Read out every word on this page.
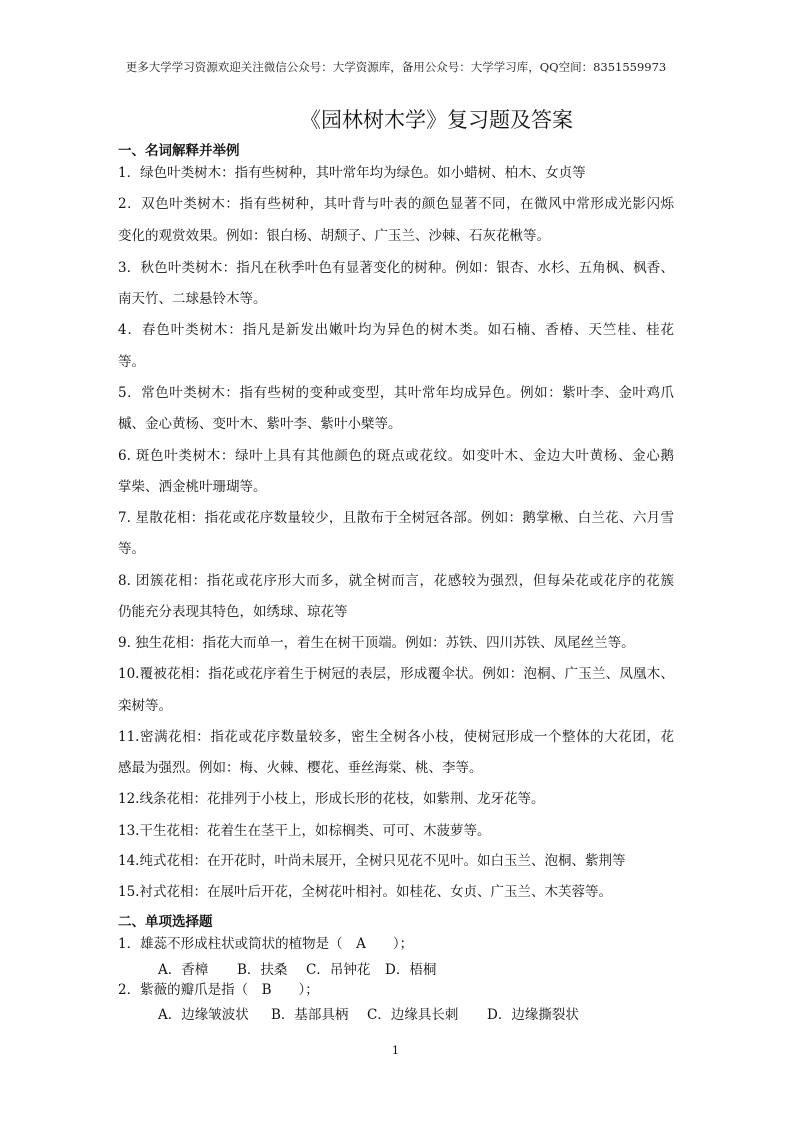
更多大学学习资源欢迎关注微信公众号：大学资源库，备用公众号：大学学习库，QQ空间：8351559973
《园林树木学》复习题及答案
一、名词解释并举例
1．绿色叶类树木：指有些树种，其叶常年均为绿色。如小蜡树、柏木、女贞等
2．双色叶类树木：指有些树种，其叶背与叶表的颜色显著不同，在微风中常形成光影闪烁
变化的观赏效果。例如：银白杨、胡颓子、广玉兰、沙棘、石灰花楸等。
3．秋色叶类树木：指凡在秋季叶色有显著变化的树种。例如：银杏、水杉、五角枫、枫香、
南天竹、二球悬铃木等。
4．春色叶类树木：指凡是新发出嫩叶均为异色的树木类。如石楠、香椿、天竺桂、桂花
等。
5．常色叶类树木：指有些树的变种或变型，其叶常年均成异色。例如：紫叶李、金叶鸡爪
槭、金心黄杨、变叶木、紫叶李、紫叶小檗等。
6. 斑色叶类树木：绿叶上具有其他颜色的斑点或花纹。如变叶木、金边大叶黄杨、金心鹅
掌柴、洒金桃叶珊瑚等。
7. 星散花相：指花或花序数量较少，且散布于全树冠各部。例如：鹅掌楸、白兰花、六月雪
等。
8. 团簇花相：指花或花序形大而多，就全树而言，花感较为强烈，但每朵花或花序的花簇
仍能充分表现其特色，如绣球、琼花等
9. 独生花相：指花大而单一，着生在树干顶端。例如：苏铁、四川苏铁、凤尾丝兰等。
10.覆被花相：指花或花序着生于树冠的表层，形成覆伞状。例如：泡桐、广玉兰、凤凰木、
栾树等。
11.密满花相：指花或花序数量较多，密生全树各小枝，使树冠形成一个整体的大花团，花
感最为强烈。例如：梅、火棘、樱花、垂丝海棠、桃、李等。
12.线条花相：花排列于小枝上，形成长形的花枝，如紫荆、龙牙花等。
13.干生花相：花着生在茎干上，如棕榈类、可可、木菠萝等。
14.纯式花相：在开花时，叶尚未展开，全树只见花不见叶。如白玉兰、泡桐、紫荆等
15.衬式花相：在展叶后开花，全树花叶相衬。如桂花、女贞、广玉兰、木芙蓉等。
二、单项选择题
1．雄蕊不形成柱状或筒状的植物是（　A　　）；
A．香樟 B．扶桑 C．吊钟花 D．梧桐
2．紫薇的瓣爪是指（　B　　）；
A．边缘皱波状 B．基部具柄 C．边缘具长刺 D．边缘撕裂状
1
